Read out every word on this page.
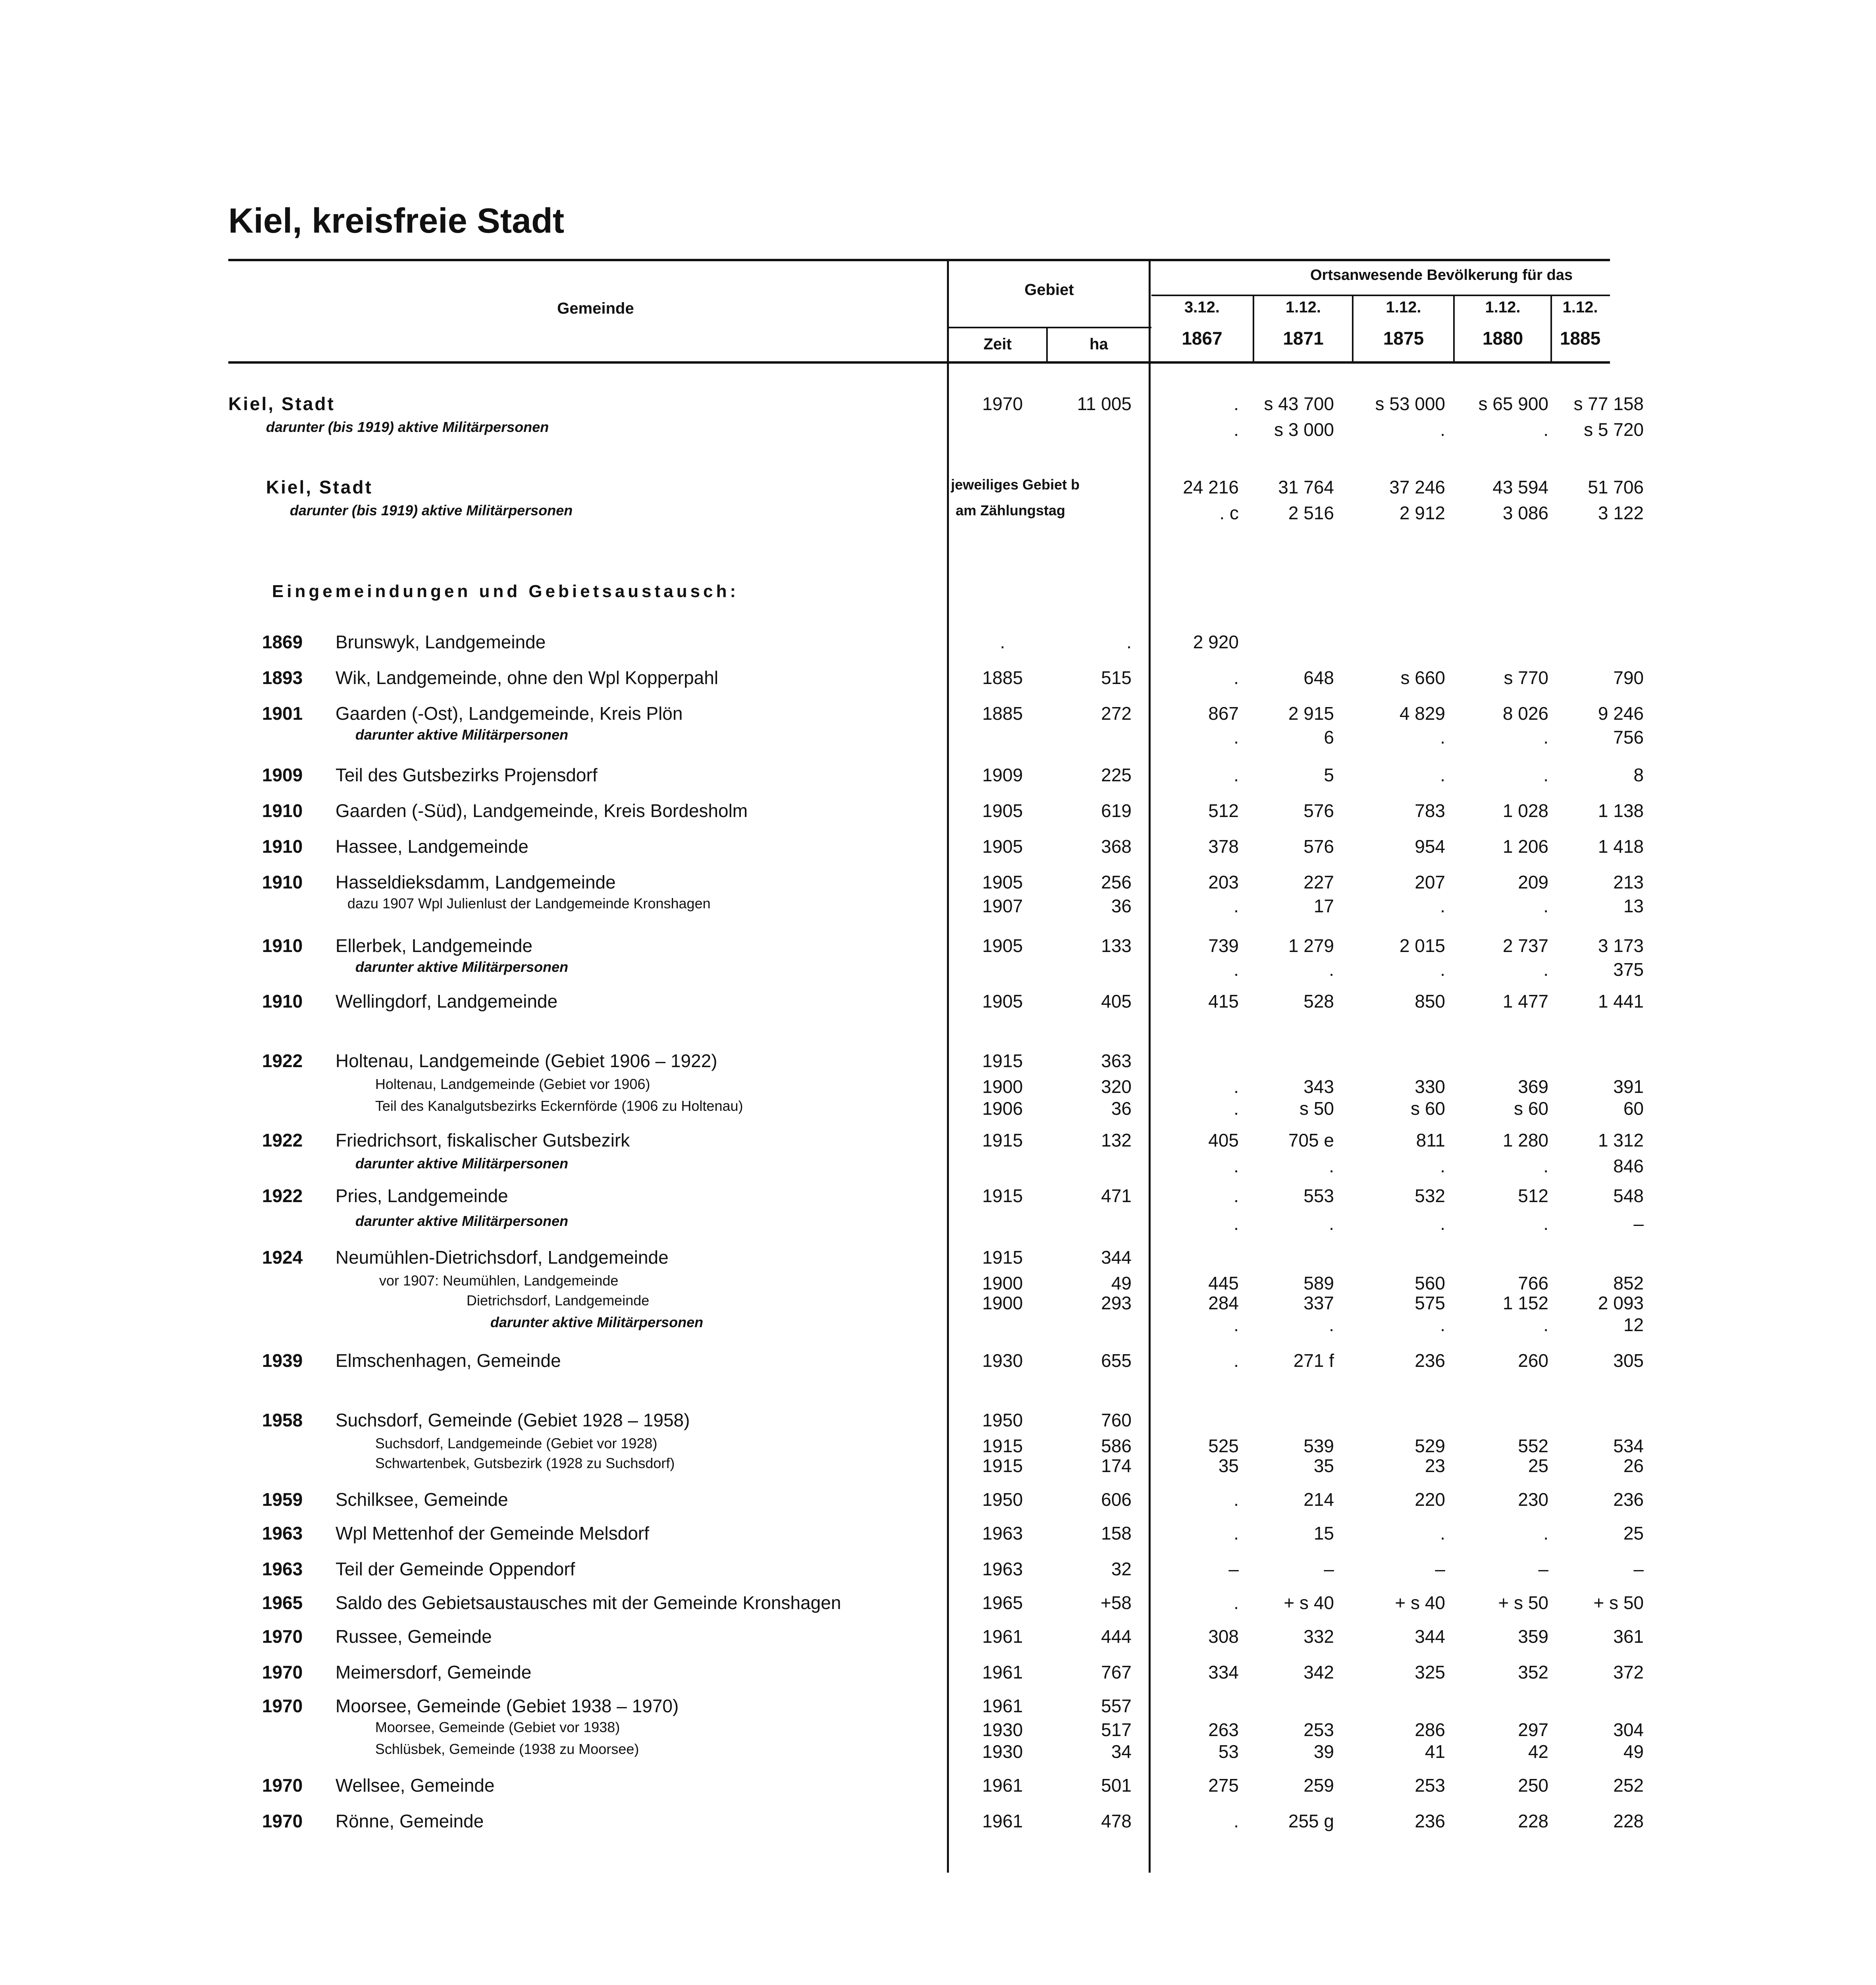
Kiel, kreisfreie Stadt
Gemeinde
Gebiet
Zeit	ha
Ortsanwesende Bevölkerung für das
3.12.
1867
1.12.
1871
1.12.
1875
1.12.
1880
1.12.
1885
Eingemeindungen und Gebietsaustausch:
Kiel, Stadt	1970	11 005	.	s 43 700	s 53 000	s 65 900	s 77 158
darunter (bis 1919) aktive Militärpersonen	.	s 3 000	.	.	s 5 720
Kiel, Stadt	jeweiliges Gebiet b	24 216	31 764	37 246	43 594	51 706
darunter (bis 1919) aktive Militärpersonen	am Zählungstag	. c	2 516	2 912	3 086	3 122
1869 Brunswyk, Landgemeinde	.	.	2 920
1893 Wik, Landgemeinde, ohne den Wpl Kopperpahl	1885	515	.	648	s 660	s 770	790
1901 Gaarden (-Ost), Landgemeinde, Kreis Plön	1885	272	867	2 915	4 829	8 026	9 246
darunter aktive Militärpersonen	.	6	.	.	756
1909 Teil des Gutsbezirks Projensdorf	1909	225	.	5	.	.	8
1910 Gaarden (-Süd), Landgemeinde, Kreis Bordesholm	1905	619	512	576	783	1 028	1 138
1910 Hassee, Landgemeinde	1905	368	378	576	954	1 206	1 418
1910 Hasseldieksdamm, Landgemeinde	1905	256	203	227	207	209	213
dazu 1907 Wpl Julienlust der Landgemeinde Kronshagen	1907	36	.	17	.	.	13
1910 Ellerbek, Landgemeinde	1905	133	739	1 279	2 015	2 737	3 173
darunter aktive Militärpersonen	.	.	.	.	375
1910 Wellingdorf, Landgemeinde	1905	405	415	528	850	1 477	1 441
1922 Holtenau, Landgemeinde (Gebiet 1906 – 1922)	1915	363
Holtenau, Landgemeinde (Gebiet vor 1906)	1900	320	.	343	330	369	391
Teil des Kanalgutsbezirks Eckernförde (1906 zu Holtenau)	1906	36	.	s 50	s 60	s 60	60
1922 Friedrichsort, fiskalischer Gutsbezirk	1915	132	405	705 e	811	1 280	1 312
darunter aktive Militärpersonen	.	.	.	.	846
1922 Pries, Landgemeinde	1915	471	.	553	532	512	548
darunter aktive Militärpersonen	.	.	.	.	–
1924 Neumühlen-Dietrichsdorf, Landgemeinde	1915	344
vor 1907: Neumühlen, Landgemeinde	1900	49	445	589	560	766	852
Dietrichsdorf, Landgemeinde	1900	293	284	337	575	1 152	2 093
darunter aktive Militärpersonen	.	.	.	.	12
1939 Elmschenhagen, Gemeinde	1930	655	.	271 f	236	260	305
1958 Suchsdorf, Gemeinde (Gebiet 1928 – 1958)	1950	760
Suchsdorf, Landgemeinde (Gebiet vor 1928)	1915	586	525	539	529	552	534
Schwartenbek, Gutsbezirk (1928 zu Suchsdorf)	1915	174	35	35	23	25	26
1959 Schilksee, Gemeinde	1950	606	.	214	220	230	236
1963 Wpl Mettenhof der Gemeinde Melsdorf	1963	158	.	15	.	.	25
1963 Teil der Gemeinde Oppendorf	1963	32	–	–	–	–	–
1965 Saldo des Gebietsaustausches mit der Gemeinde Kronshagen	1965	+58	.	+ s 40	+ s 40	+ s 50	+ s 50
1970 Russee, Gemeinde	1961	444	308	332	344	359	361
1970 Meimersdorf, Gemeinde	1961	767	334	342	325	352	372
1970 Moorsee, Gemeinde (Gebiet 1938 – 1970)	1961	557
Moorsee, Gemeinde (Gebiet vor 1938)	1930	517	263	253	286	297	304
Schlüsbek, Gemeinde (1938 zu Moorsee)	1930	34	53	39	41	42	49
1970 Wellsee, Gemeinde	1961	501	275	259	253	250	252
1970 Rönne, Gemeinde	1961	478	.	255 g	236	228	228
